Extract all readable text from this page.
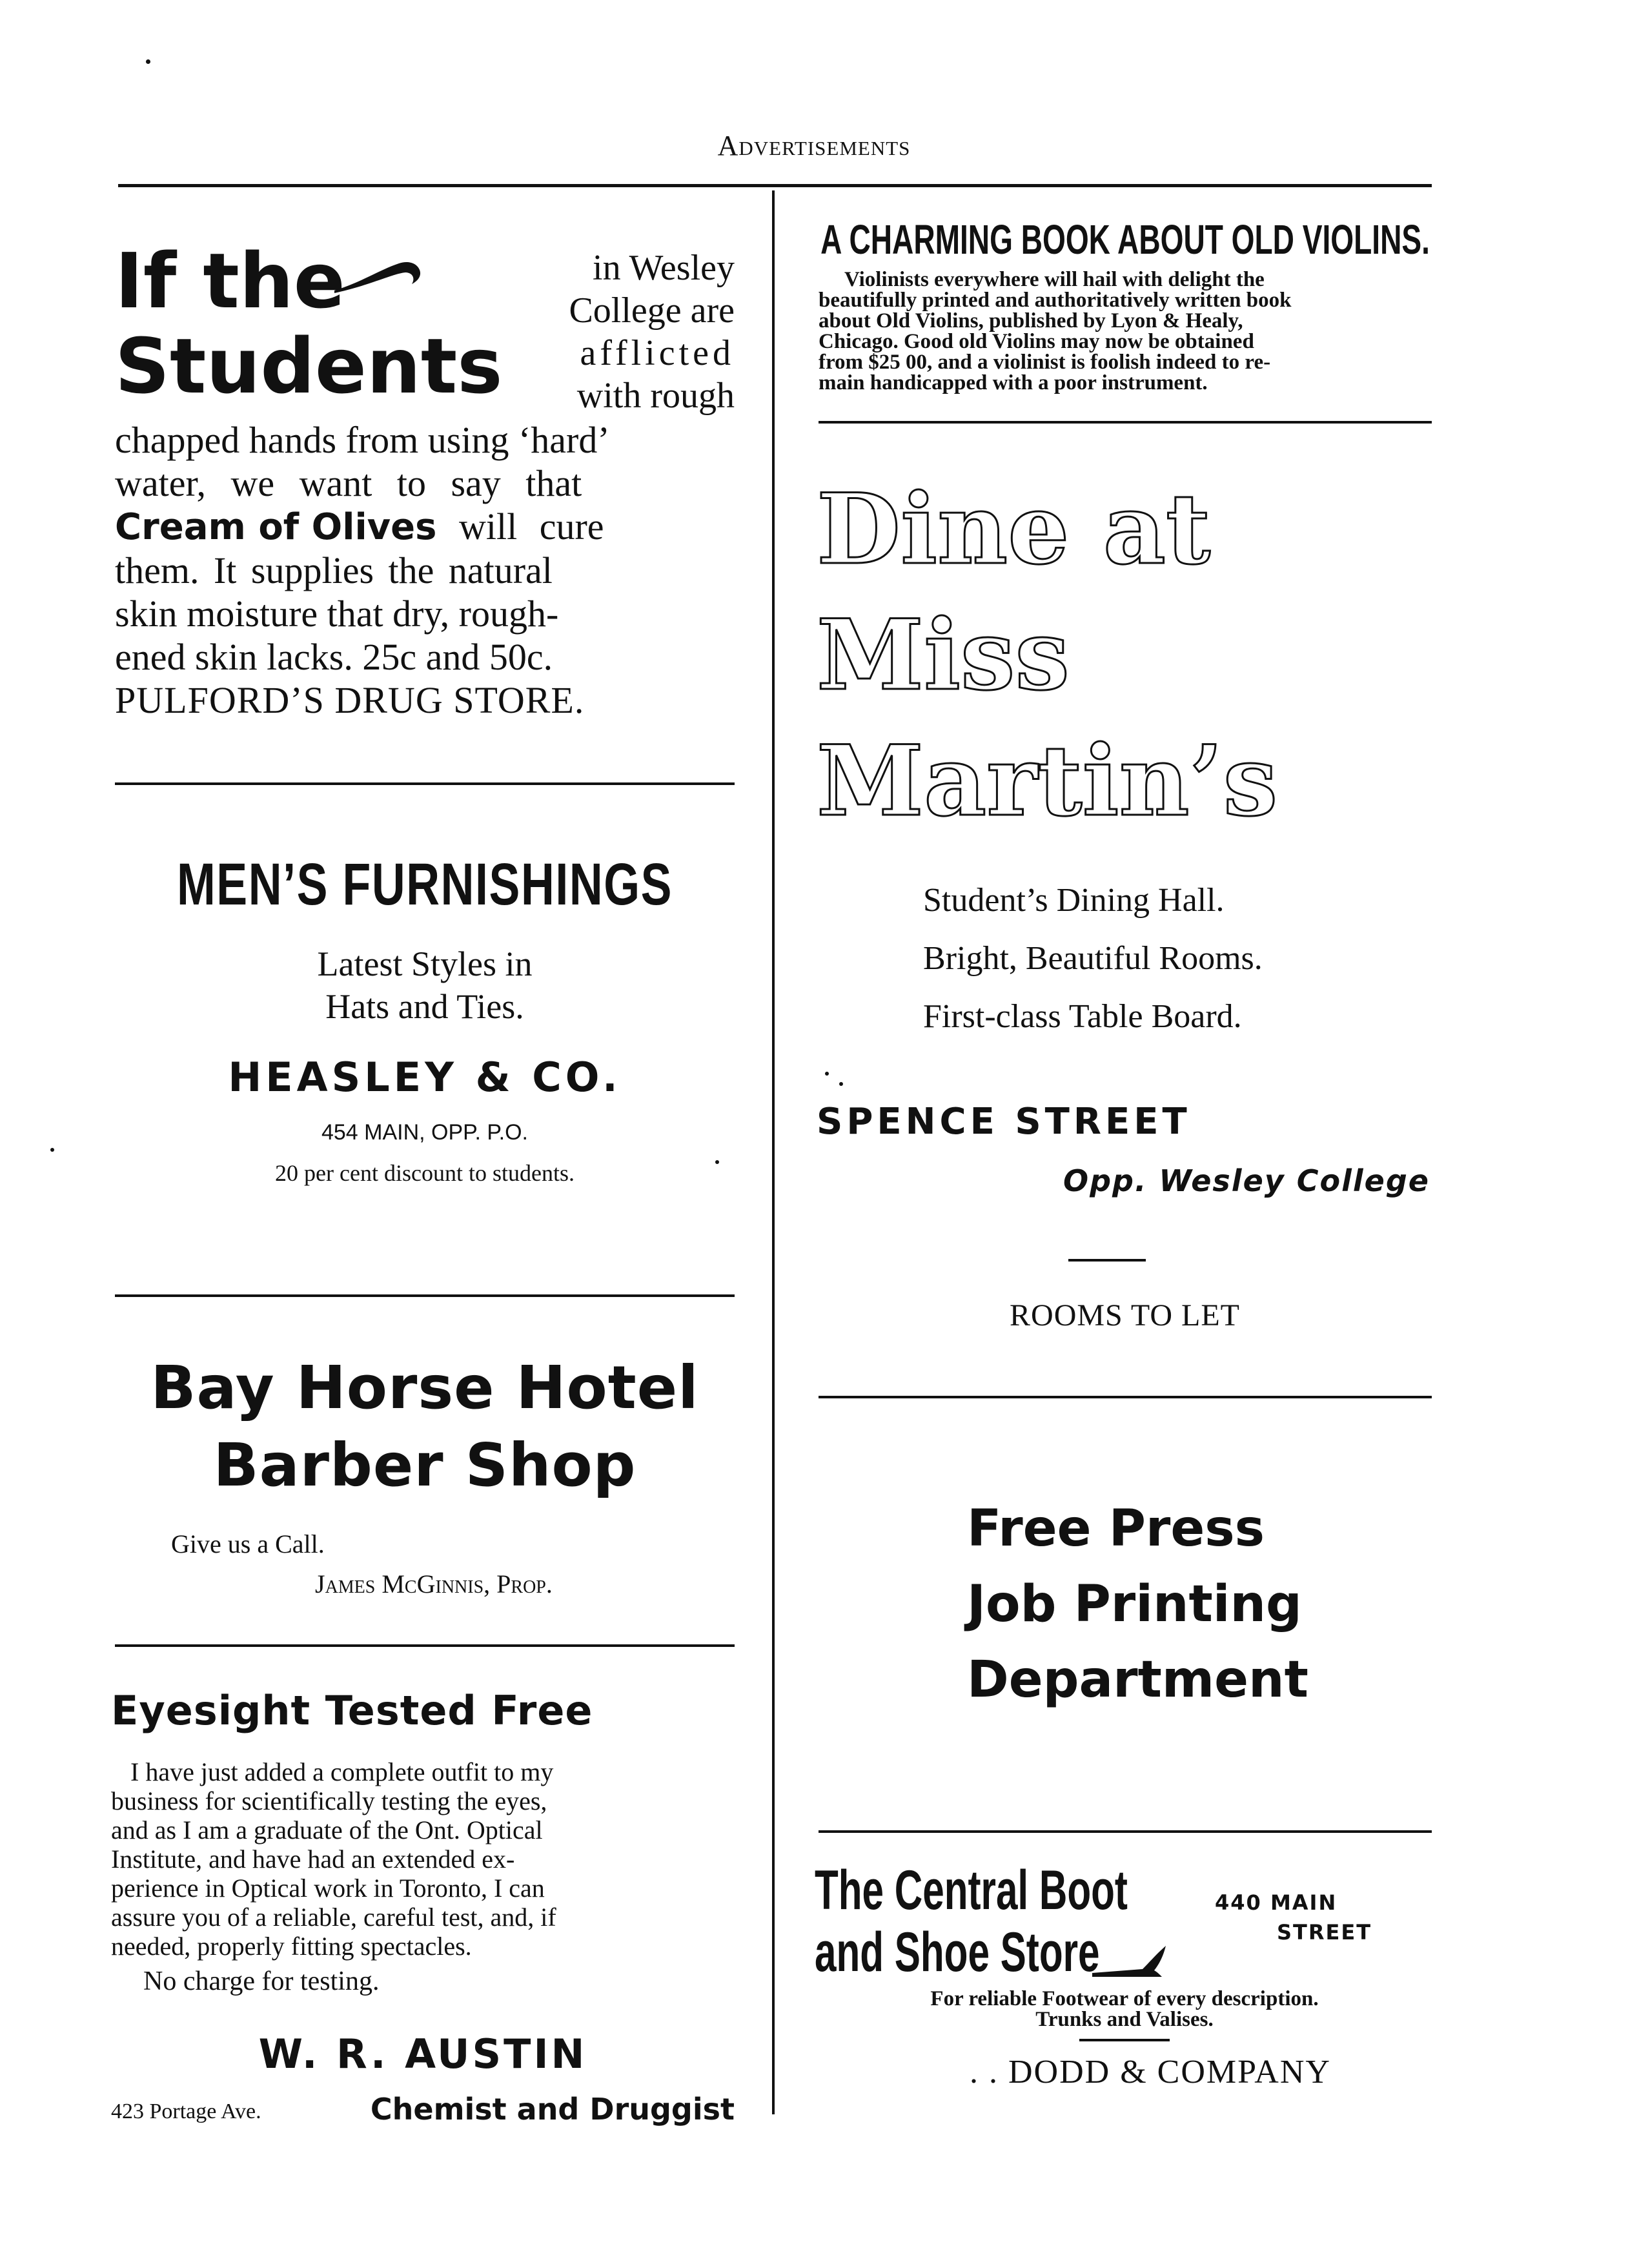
Advertisements
If the
Students
in Wesley
College are
afflicted
with rough
chapped hands from using ‘hard’
water, we want to say that
Cream of Olives will cure
them. It supplies the natural
skin moisture that dry, rough-
ened skin lacks. 25c and 50c.
PULFORD’S DRUG STORE.
MEN’S FURNISHINGS
Latest Styles in
Hats and Ties.
HEASLEY & CO.
454 MAIN, OPP. P.O.
20 per cent discount to students.
Bay Horse Hotel
Barber Shop
Give us a Call.
James McGinnis, Prop.
Eyesight Tested Free
I have just added a complete outfit to my
business for scientifically testing the eyes,
and as I am a graduate of the Ont. Optical
Institute, and have had an extended ex-
perience in Optical work in Toronto, I can
assure you of a reliable, careful test, and, if
needed, properly fitting spectacles.
No charge for testing.
W. R. AUSTIN
423 Portage Ave.	Chemist and Druggist
A CHARMING BOOK ABOUT OLD VIOLINS.
Violinists everywhere will hail with delight the
beautifully printed and authoritatively written book
about Old Violins, published by Lyon & Healy,
Chicago. Good old Violins may now be obtained
from $25 00, and a violinist is foolish indeed to re-
main handicapped with a poor instrument.
Dine at
Miss
Martin’s
Student’s Dining Hall.
Bright, Beautiful Rooms.
First-class Table Board.
SPENCE STREET
Opp. Wesley College
ROOMS TO LET
Free Press
Job Printing
Department
The Central Boot
and Shoe Store
440 MAIN
STREET
For reliable Footwear of every description.
Trunks and Valises.
. . DODD & COMPANY
